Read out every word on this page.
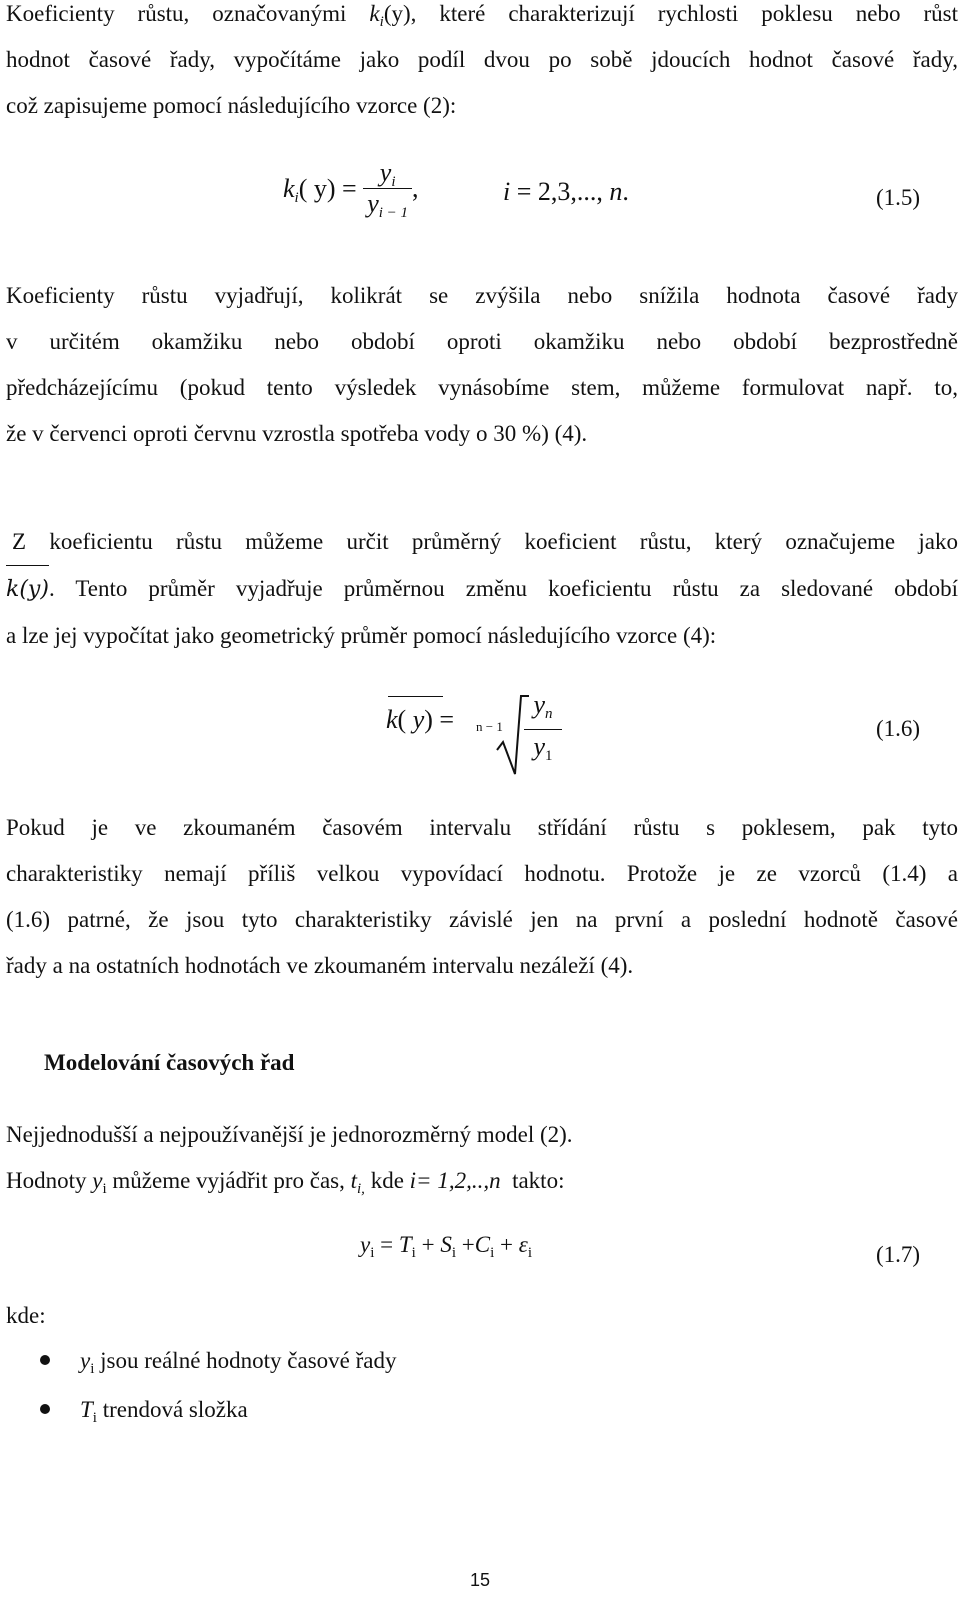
Koeficienty růstu, označovanými $k_i(y)$, které charakterizují rychlosti poklesu nebo růst
hodnot časové řady, vypočítáme jako podíl dvou po sobě jdoucích hodnot časové řady,
což zapisujeme pomocí následujícího vzorce (2):
$k_i$( $y) = \frac{y_i}{y_{i - 1}}$ ,	i = 2,3,..., n.	(1.5)
Koeficienty růstu vyjadřují, kolikrát se zvýšila nebo snížila hodnota časové řady
v určitém okamžiku nebo období oproti okamžiku nebo období bezprostředně
předcházejícímu (pokud tento výsledek vynásobíme stem, můžeme formulovat např. to,
že v červenci oproti červnu vzrostla spotřeba vody o 30 %) (4).
Z koeficientu růstu můžeme určit průměrný koeficient růstu, který označujeme jako
k(y). Tento průměr vyjadřuje průměrnou změnu koeficientu růstu za sledované období
a lze jej vypočítat jako geometrický průměr pomocí následujícího vzorce (4):
k( y) = n − 1
$y_n$
$y_1$
(1.6)
Pokud je ve zkoumaném časovém intervalu střídání růstu s poklesem, pak tyto
charakteristiky nemají příliš velkou vypovídací hodnotu. Protože je ze vzorců (1.4) a
(1.6) patrné, že jsou tyto charakteristiky závislé jen na první a poslední hodnotě časové
řady a na ostatních hodnotách ve zkoumaném intervalu nezáleží (4).
Modelování časových řad
Nejjednodušší a nejpoužívanější je jednorozměrný model (2).
Hodnoty $y_i$ můžeme vyjádřit pro čas, $t_{i,}$ kde i= 1,2,..,n  takto:
$y_i = T_i + S_i +C_i + \varepsilon_i$	(1.7)
kde:
$y_i$ jsou reálné hodnoty časové řady
$T_i$ trendová složka
15
